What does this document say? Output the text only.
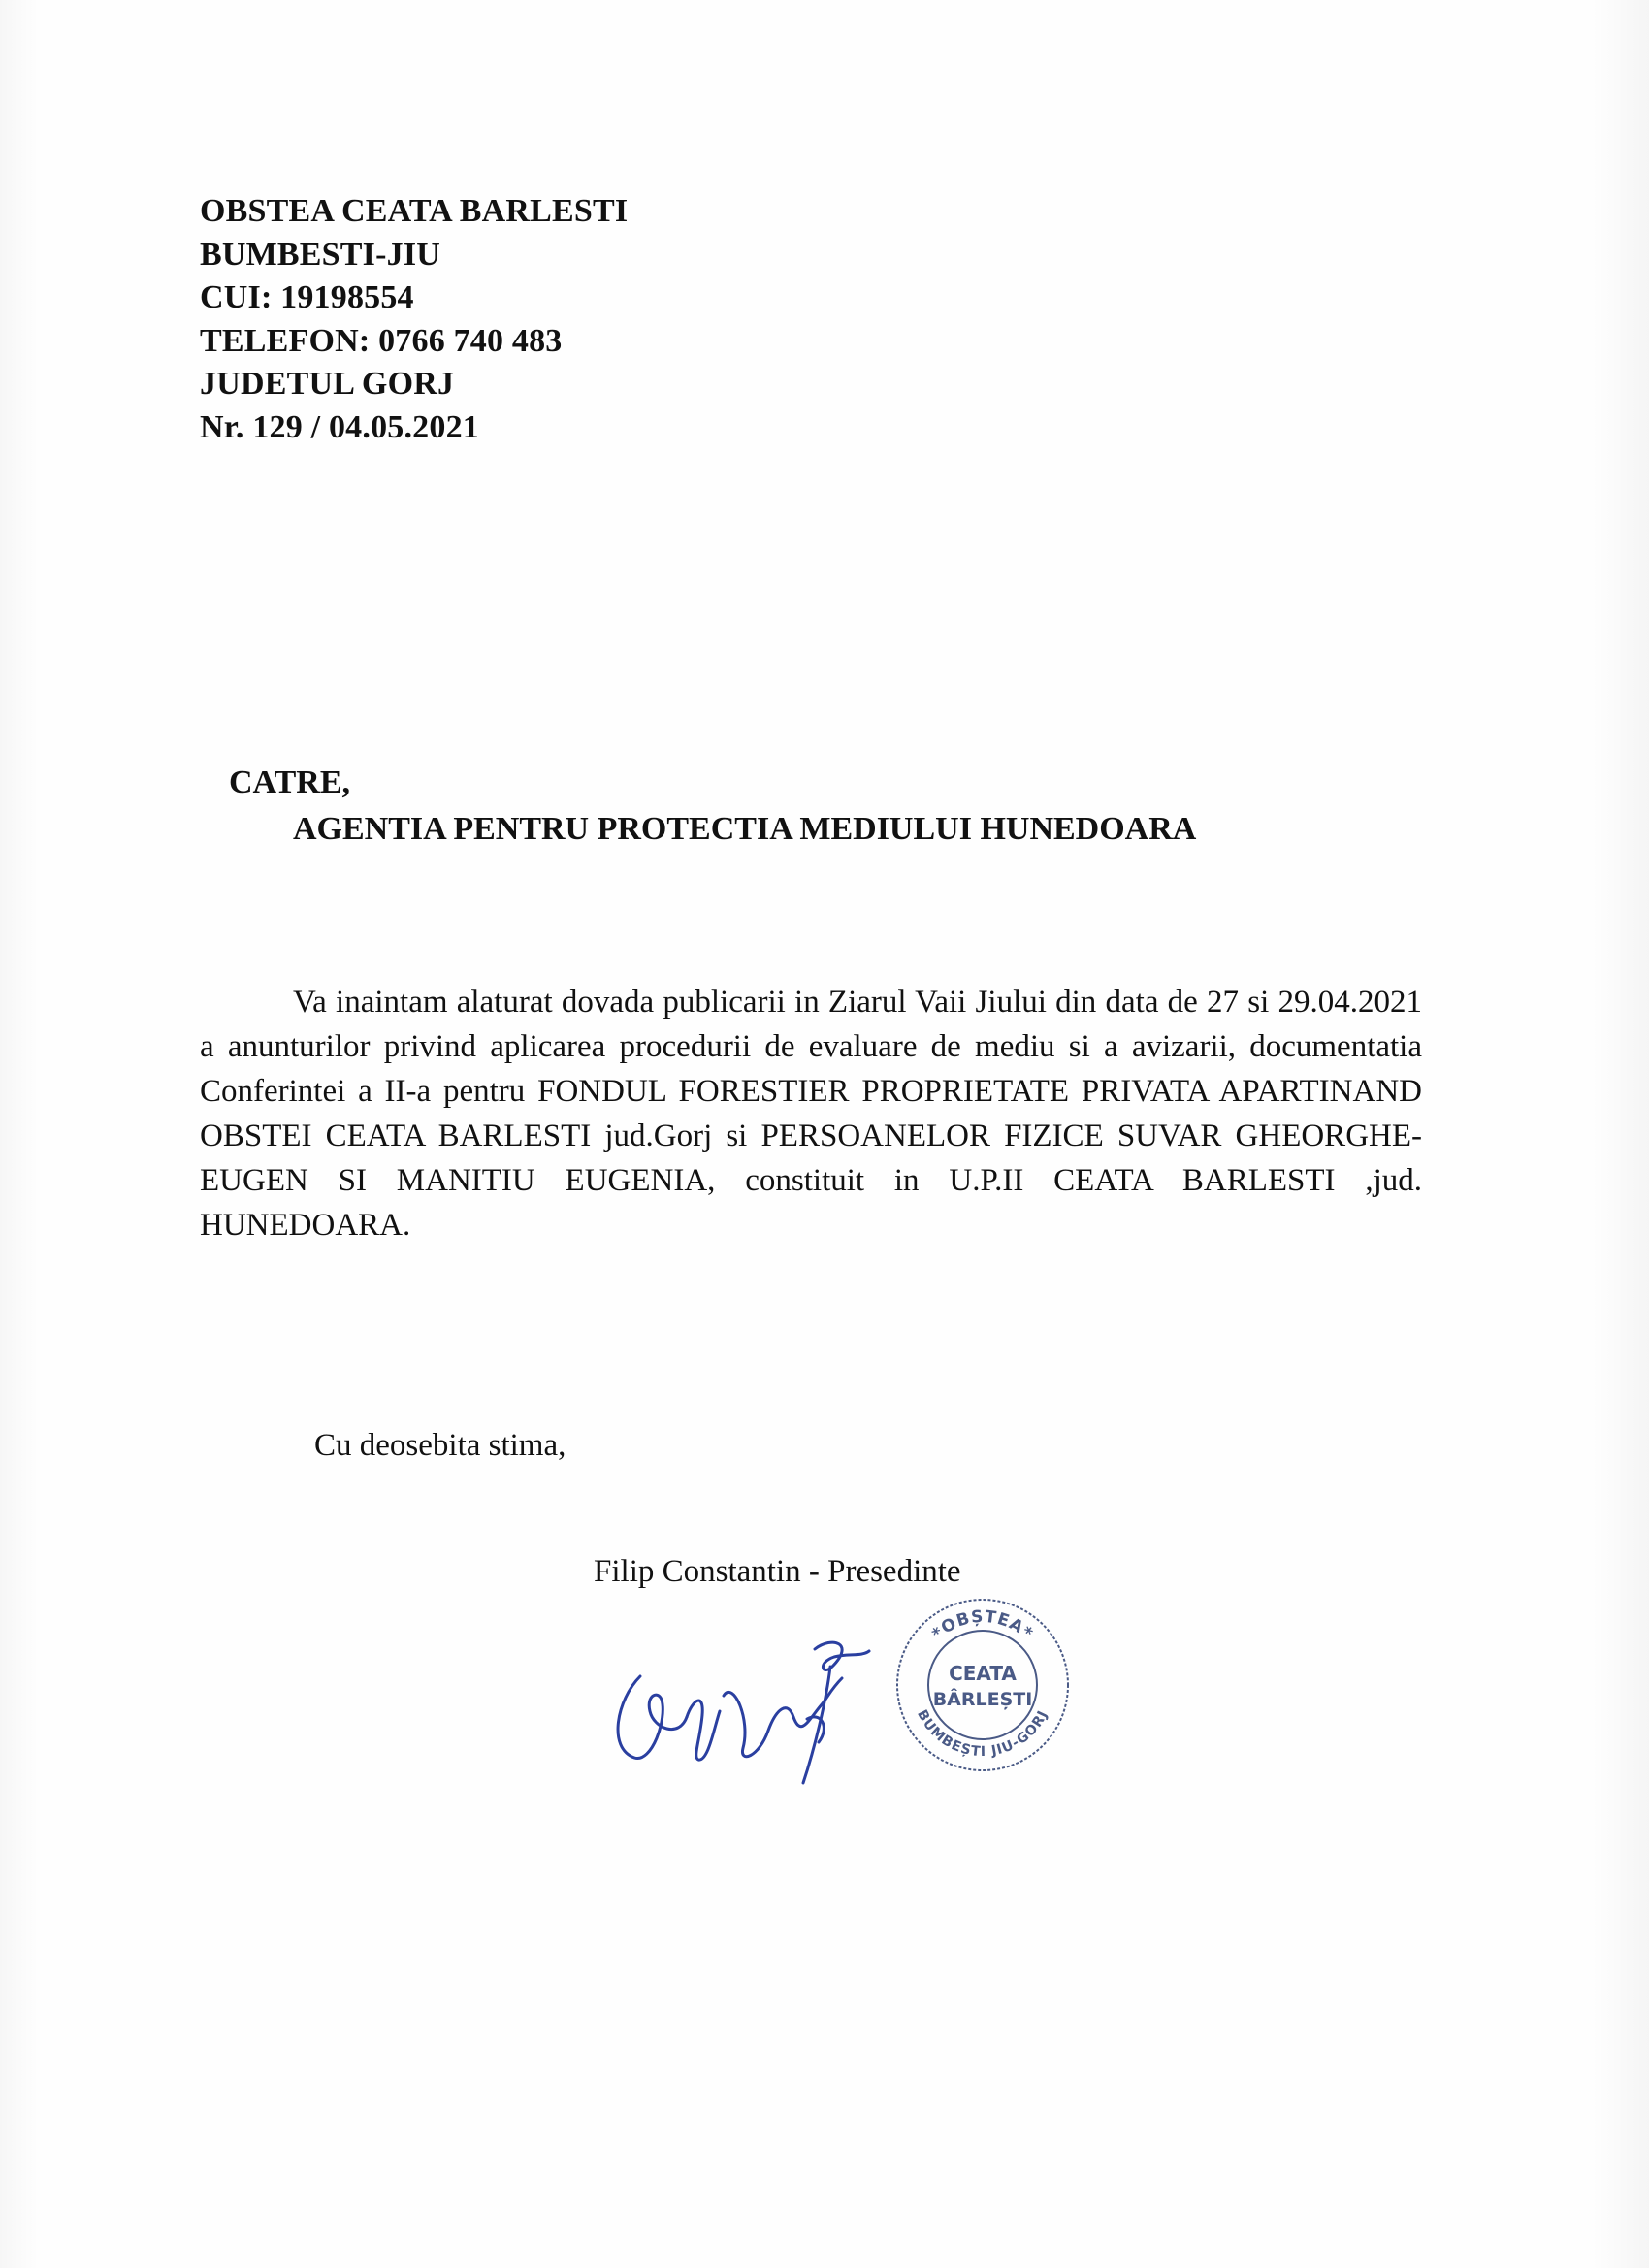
OBSTEA CEATA BARLESTI
BUMBESTI-JIU
CUI: 19198554
TELEFON: 0766 740 483
JUDETUL GORJ
Nr. 129 / 04.05.2021
CATRE,
AGENTIA PENTRU PROTECTIA MEDIULUI HUNEDOARA

Va inaintam alaturat dovada publicarii in Ziarul Vaii Jiului din data de 27 si 29.04.2021 a anunturilor privind aplicarea procedurii de evaluare de mediu si a avizarii, documentatia Conferintei a II-a pentru FONDUL FORESTIER PROPRIETATE PRIVATA APARTINAND OBSTEI CEATA BARLESTI jud.Gorj si PERSOANELOR FIZICE SUVAR GHEORGHE-EUGEN SI MANITIU EUGENIA, constituit in U.P.II CEATA BARLESTI ,jud. HUNEDOARA.

Cu deosebita stima,
Filip Constantin - Presedinte
*OBȘTEA*
CEATA
BÂRLEȘTI
BUMBEȘTI JIU-GORJ
